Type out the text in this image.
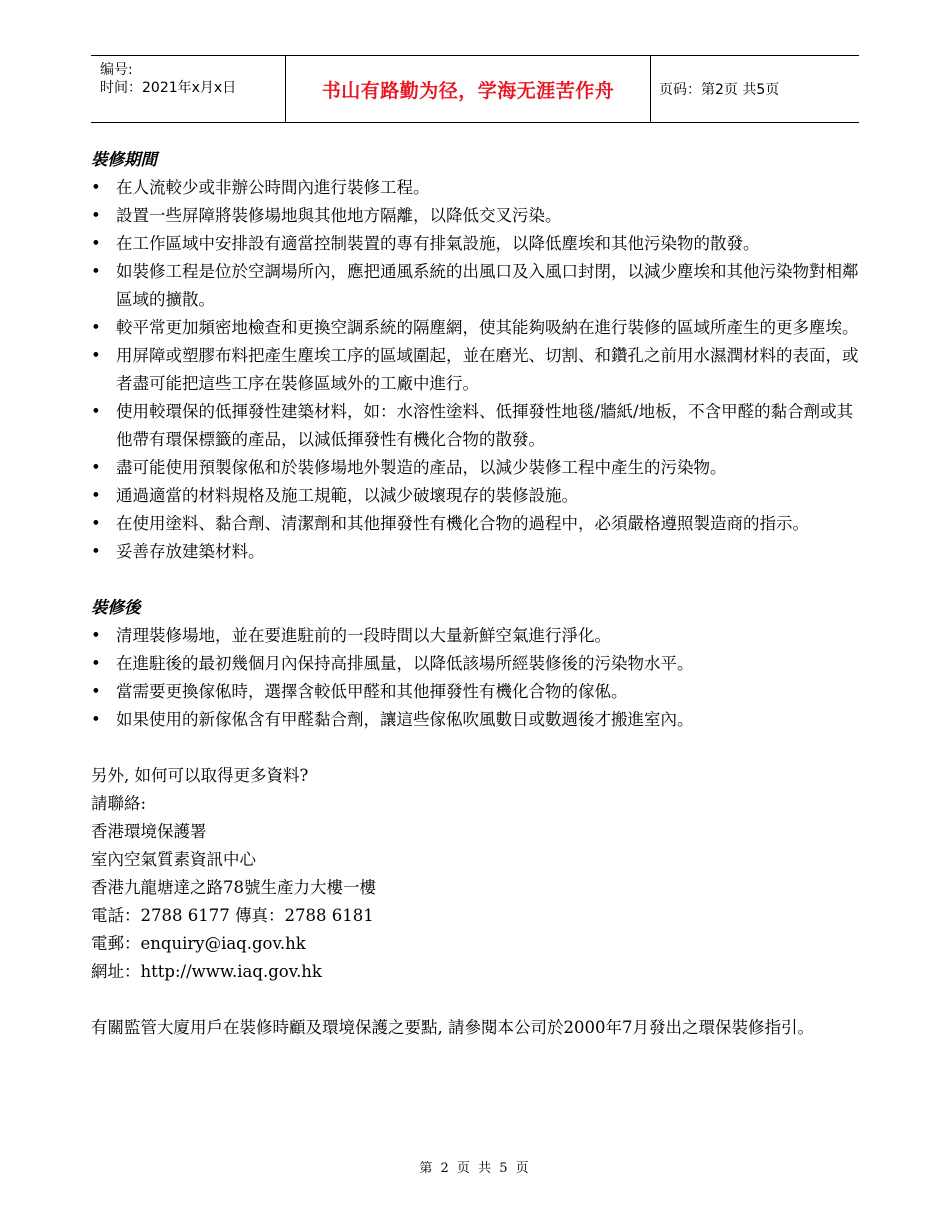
编号:
时间：2021年x月x日	书山有路勤为径，学海无涯苦作舟	页码：第2页 共5页
裝修期間
• 在人流較少或非辦公時間內進行裝修工程。
• 設置一些屏障將裝修場地與其他地方隔離，以降低交叉污染。
• 在工作區域中安排設有適當控制裝置的專有排氣設施，以降低塵埃和其他污染物的散發。
• 如裝修工程是位於空調場所內，應把通風系統的出風口及入風口封閉，以減少塵埃和其他污染物對相鄰區域的擴散。
• 較平常更加頻密地檢查和更換空調系統的隔塵網，使其能夠吸納在進行裝修的區域所產生的更多塵埃。
• 用屏障或塑膠布料把產生塵埃工序的區域圍起，並在磨光、切割、和鑽孔之前用水濕潤材料的表面，或者盡可能把這些工序在裝修區域外的工廠中進行。
• 使用較環保的低揮發性建築材料，如：水溶性塗料、低揮發性地毯/牆紙/地板，不含甲醛的黏合劑或其他帶有環保標籤的產品，以減低揮發性有機化合物的散發。
• 盡可能使用預製傢俬和於裝修場地外製造的產品，以減少裝修工程中產生的污染物。
• 通過適當的材料規格及施工規範，以減少破壞現存的裝修設施。
• 在使用塗料、黏合劑、清潔劑和其他揮發性有機化合物的過程中，必須嚴格遵照製造商的指示。
• 妥善存放建築材料。
裝修後
• 清理裝修場地，並在要進駐前的一段時間以大量新鮮空氣進行淨化。
• 在進駐後的最初幾個月內保持高排風量，以降低該場所經裝修後的污染物水平。
• 當需要更換傢俬時，選擇含較低甲醛和其他揮發性有機化合物的傢俬。
• 如果使用的新傢俬含有甲醛黏合劑，讓這些傢俬吹風數日或數週後才搬進室內。
另外, 如何可以取得更多資料?
請聯絡:
香港環境保護署
室內空氣質素資訊中心
香港九龍塘達之路78號生產力大樓一樓
電話：2788 6177 傳真：2788 6181
電郵：enquiry@iaq.gov.hk
網址：http://www.iaq.gov.hk
有關監管大廈用戶在裝修時顧及環境保護之要點, 請參閱本公司於2000年7月發出之環保裝修指引。
第 2 页 共 5 页
